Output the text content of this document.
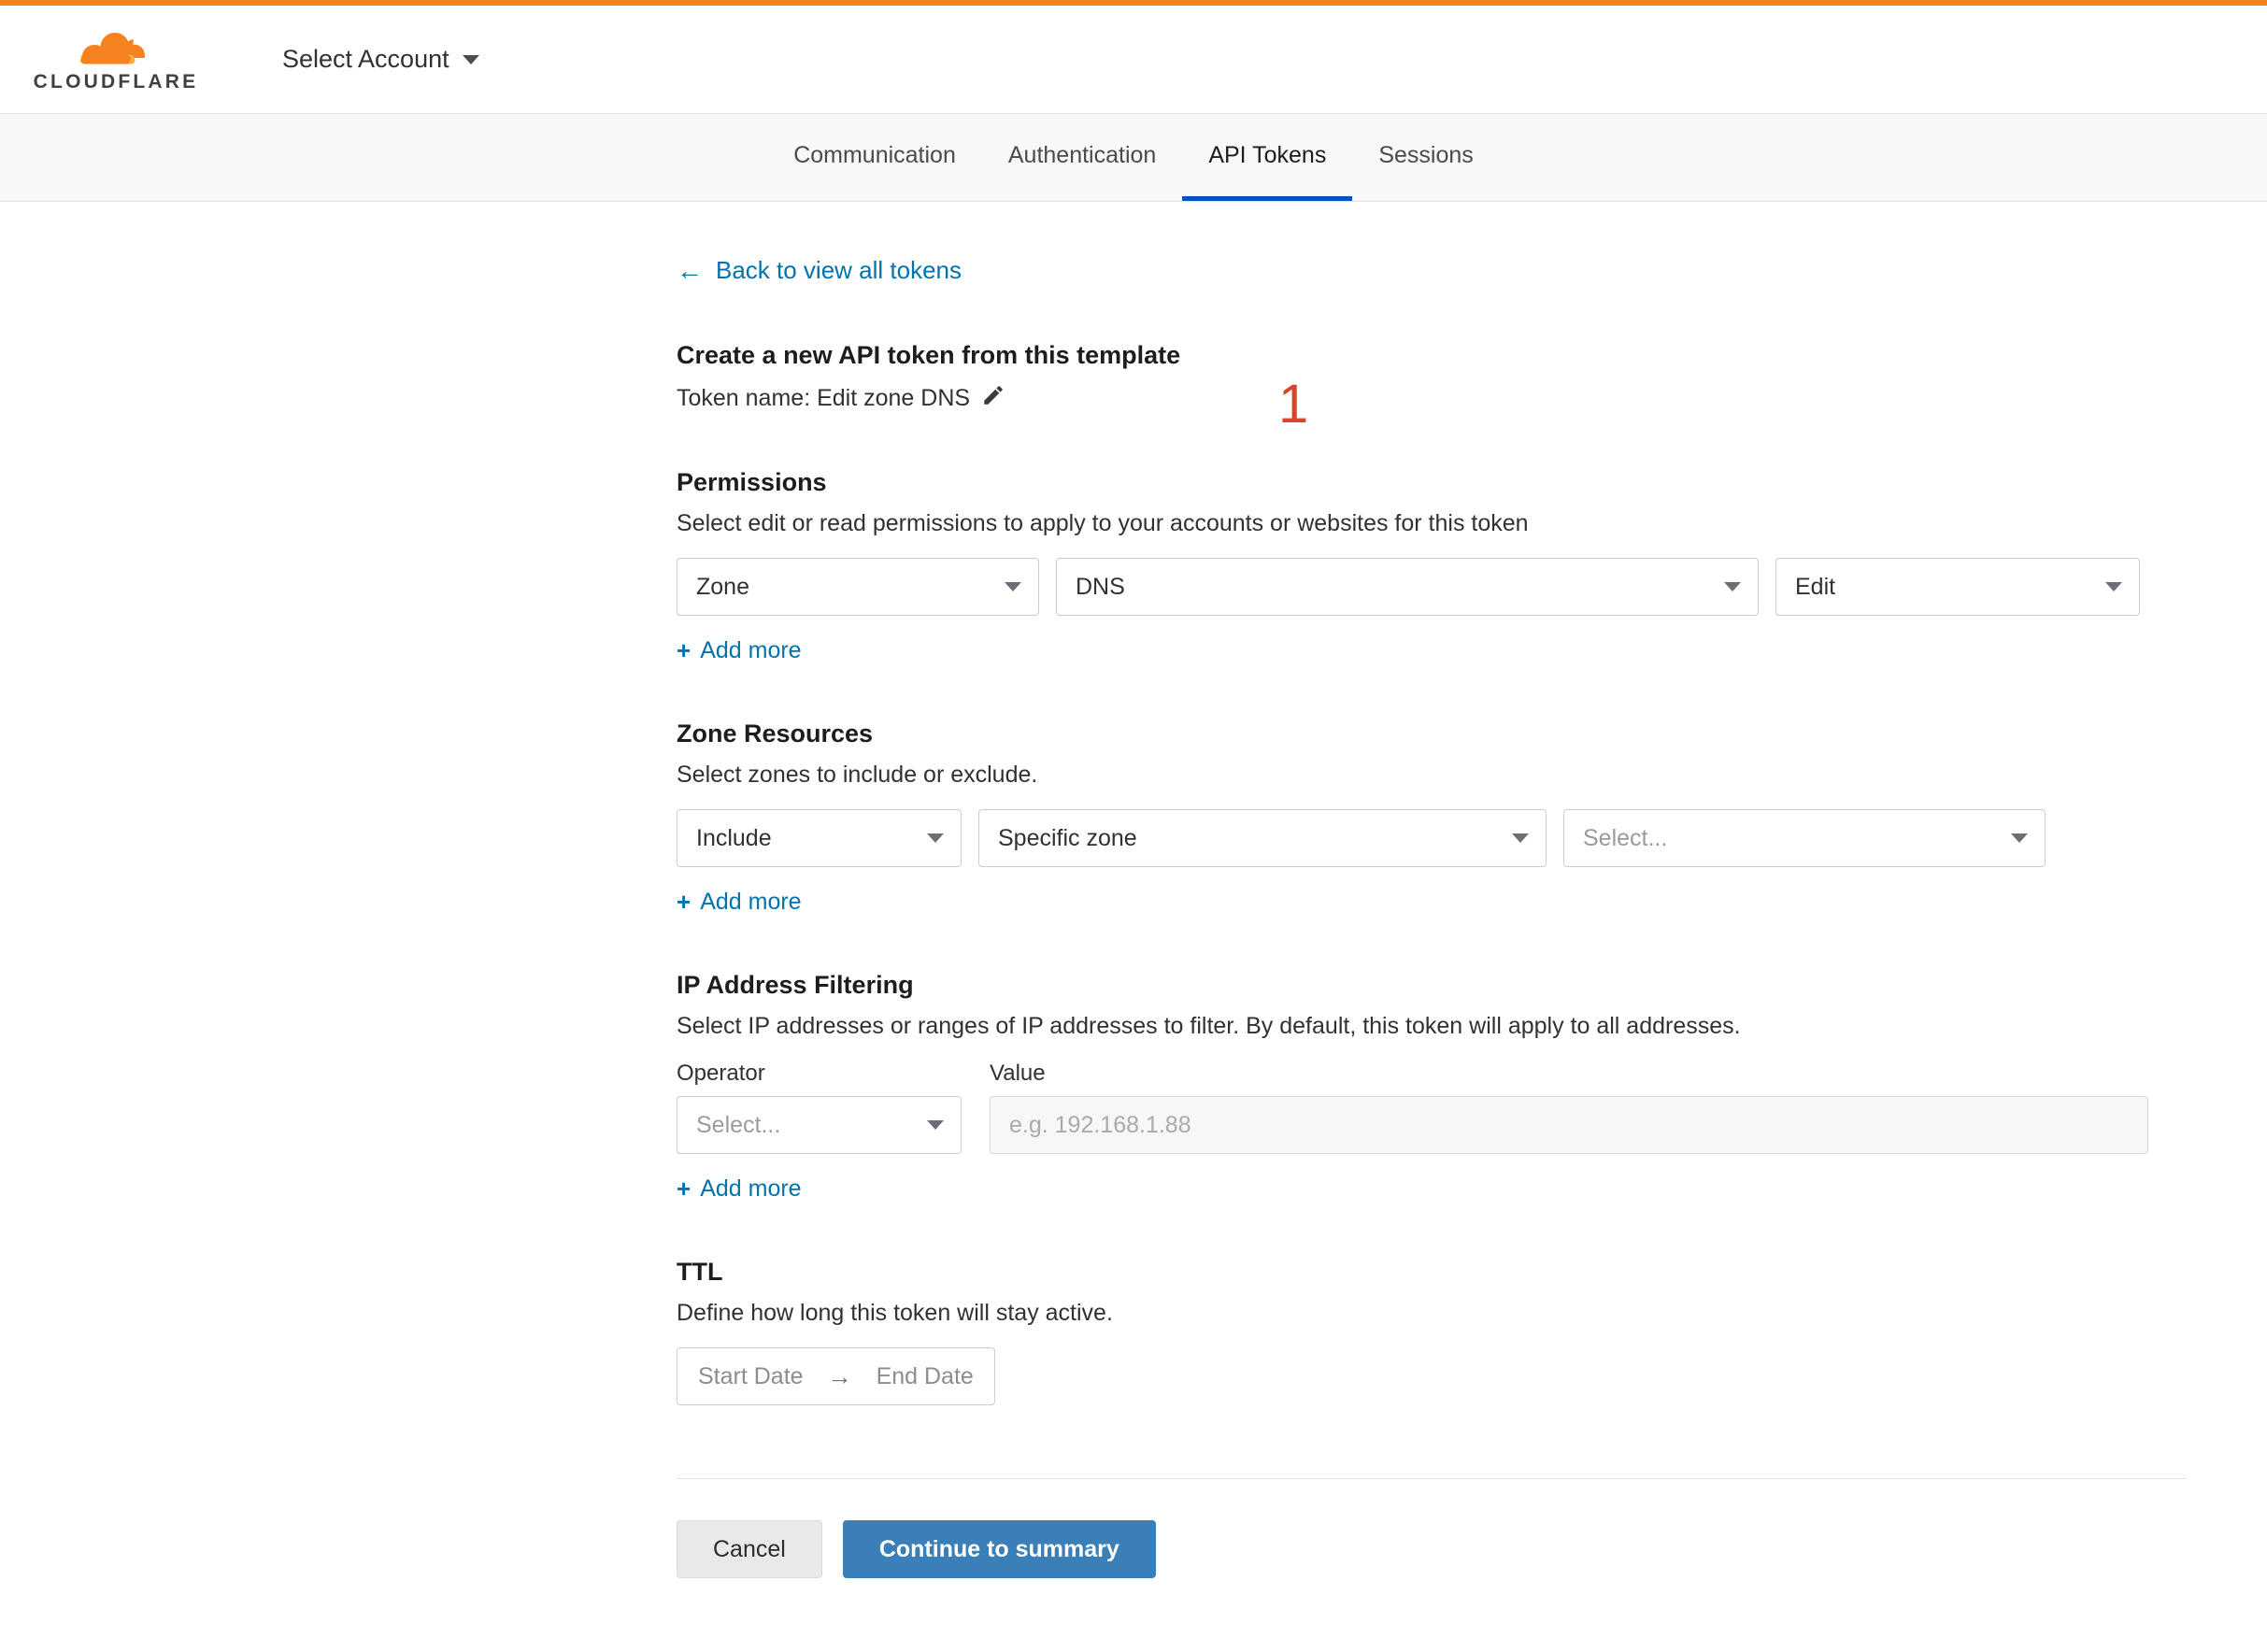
CLOUDFLARE
Select Account
Communication Authentication API Tokens Sessions
← Back to view all tokens
1
Create a new API token from this template
Token name: Edit zone DNS
Permissions

Select edit or read permissions to apply to your accounts or websites for this token

Zone	DNS	Edit
+ Add more
Zone Resources

Select zones to include or exclude.

Include	Specific zone	Select...
+ Add more
IP Address Filtering

Select IP addresses or ranges of IP addresses to filter. By default, this token will apply to all addresses.

Operator
Select...
Value
e.g. 192.168.1.88
+ Add more
TTL

Define how long this token will stay active.

Start Date → End Date
Cancel	Continue to summary
